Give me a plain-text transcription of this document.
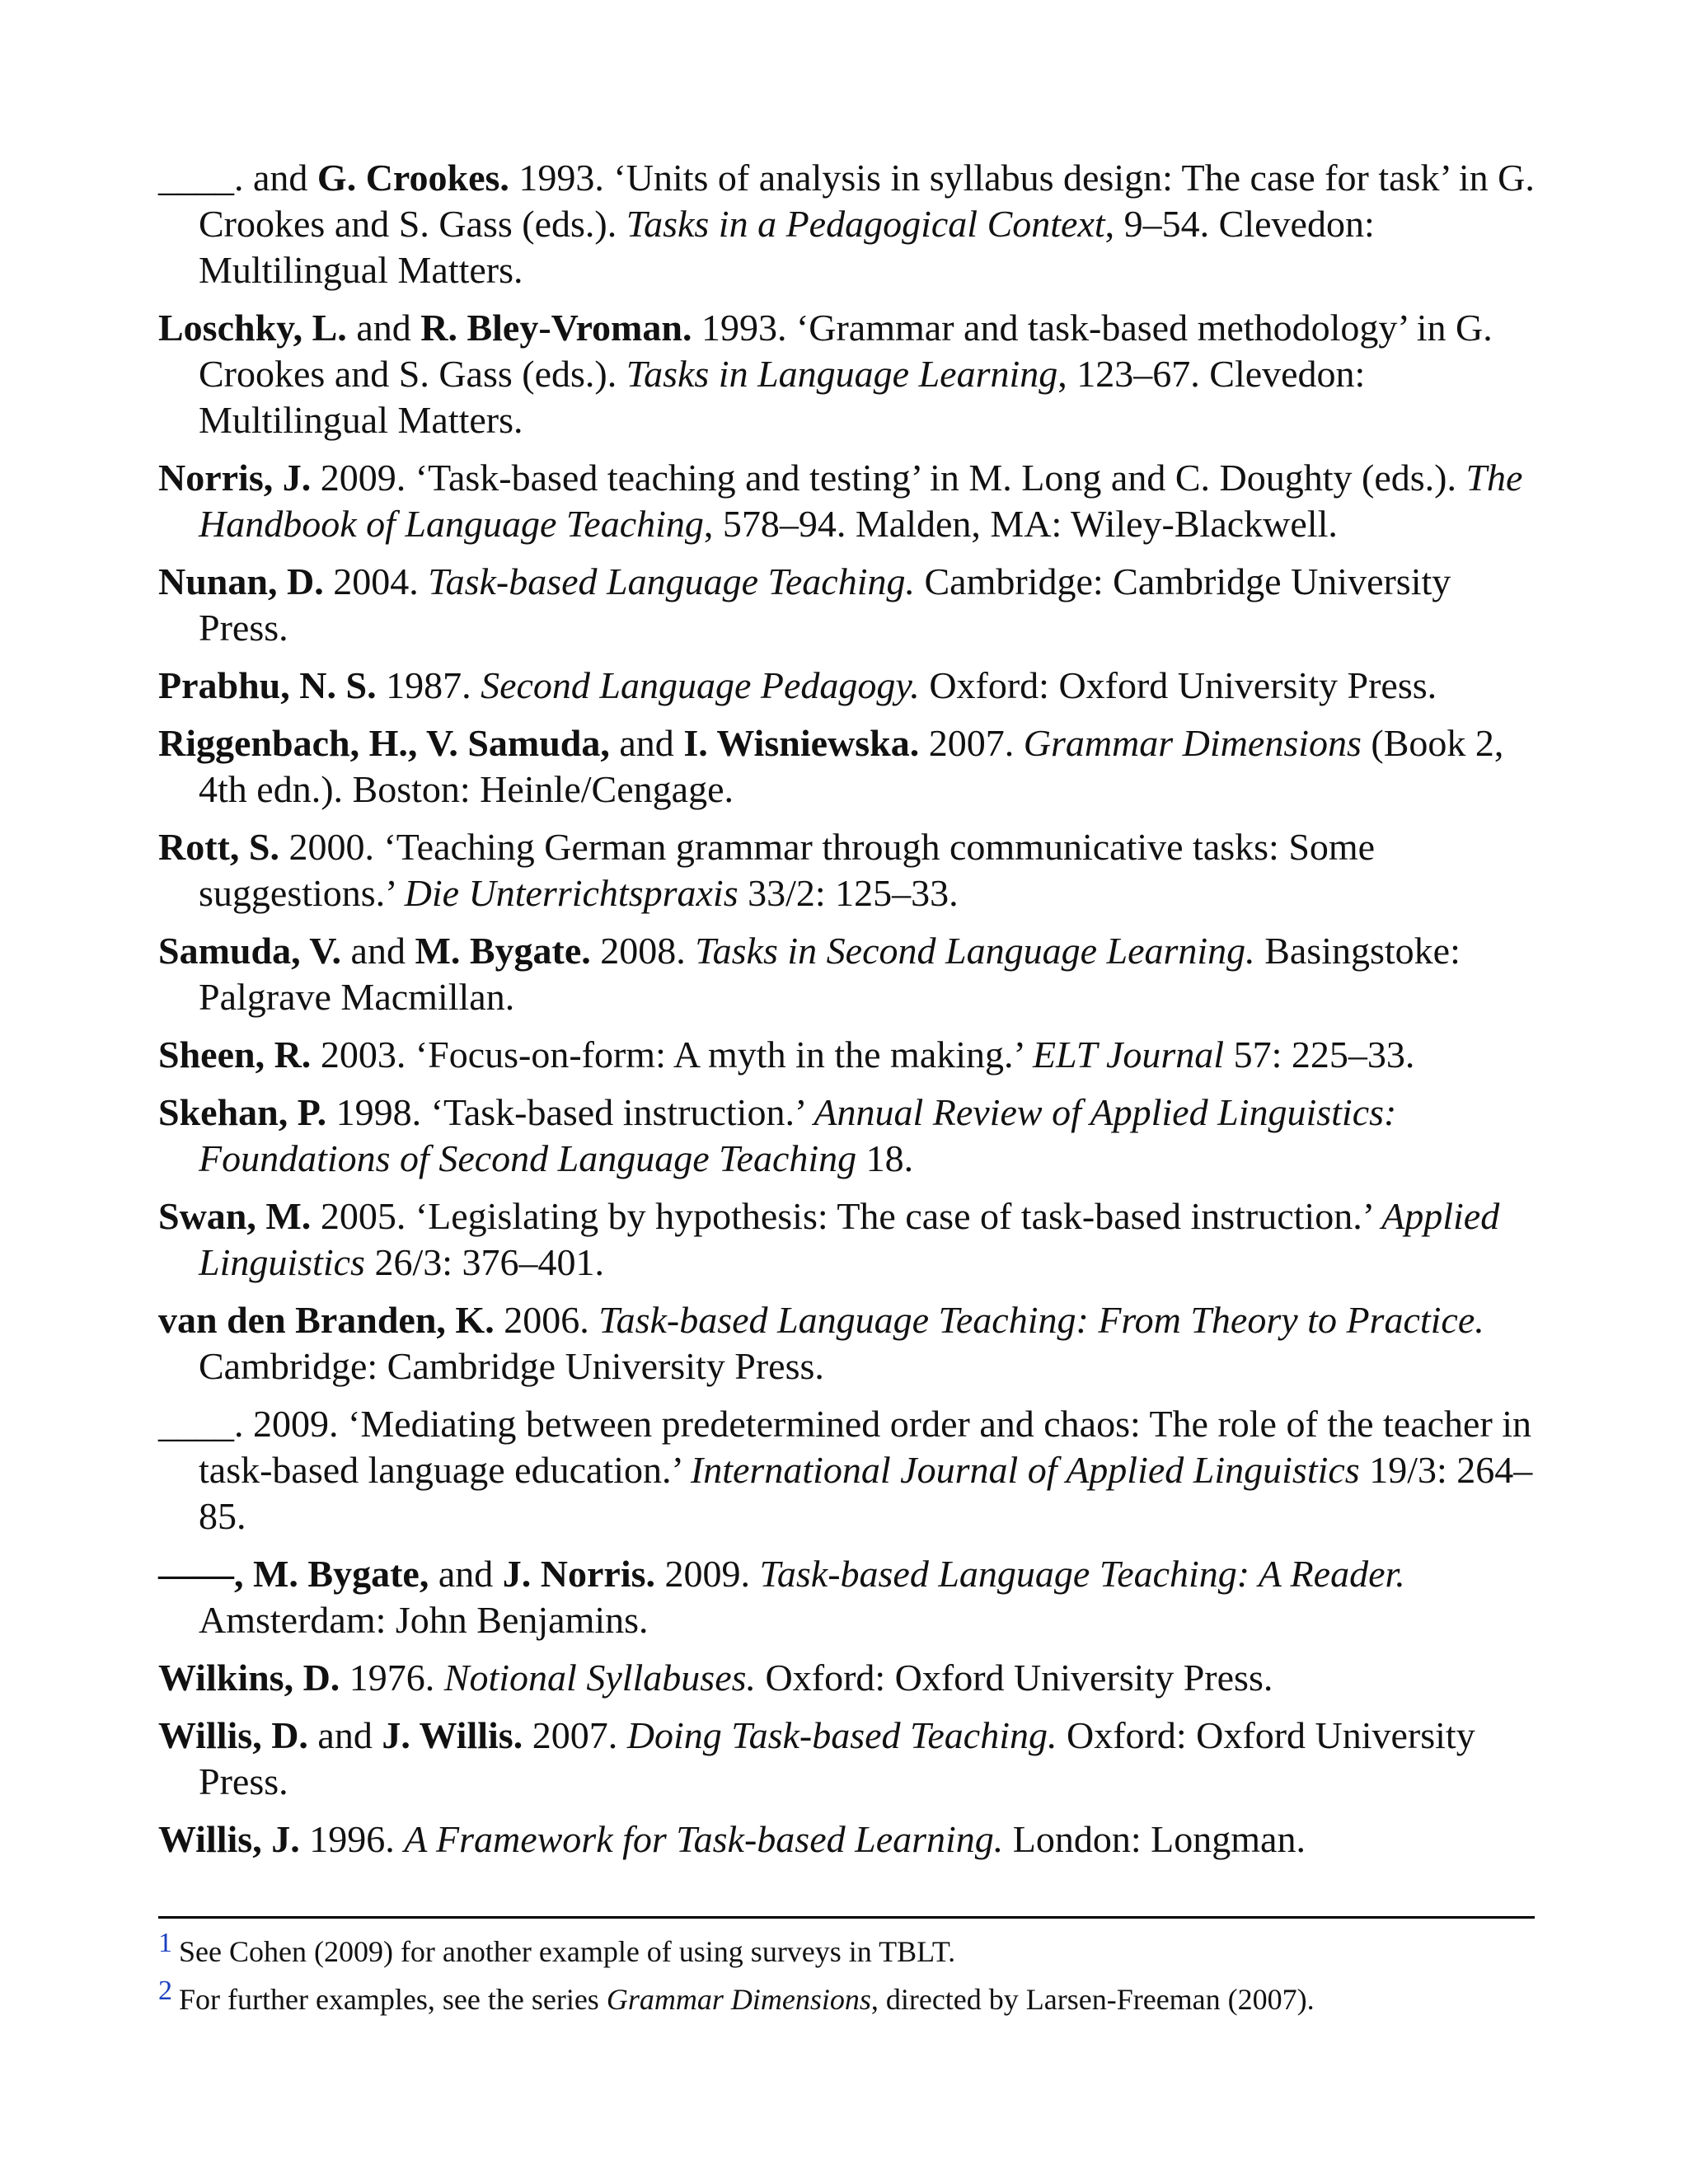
____. and G. Crookes. 1993. ‘Units of analysis in syllabus design: The case for task’ in G. Crookes and S. Gass (eds.). Tasks in a Pedagogical Context, 9–54. Clevedon: Multilingual Matters.

Loschky, L. and R. Bley-Vroman. 1993. ‘Grammar and task-based methodology’ in G. Crookes and S. Gass (eds.). Tasks in Language Learning, 123–67. Clevedon: Multilingual Matters.

Norris, J. 2009. ‘Task-based teaching and testing’ in M. Long and C. Doughty (eds.). The Handbook of Language Teaching, 578–94. Malden, MA: Wiley-Blackwell.

Nunan, D. 2004. Task-based Language Teaching. Cambridge: Cambridge University Press.

Prabhu, N. S. 1987. Second Language Pedagogy. Oxford: Oxford University Press.

Riggenbach, H., V. Samuda, and I. Wisniewska. 2007. Grammar Dimensions (Book 2, 4th edn.). Boston: Heinle/Cengage.

Rott, S. 2000. ‘Teaching German grammar through communicative tasks: Some suggestions.’ Die Unterrichtspraxis 33/2: 125–33.

Samuda, V. and M. Bygate. 2008. Tasks in Second Language Learning. Basingstoke: Palgrave Macmillan.

Sheen, R. 2003. ‘Focus-on-form: A myth in the making.’ ELT Journal 57: 225–33.

Skehan, P. 1998. ‘Task-based instruction.’ Annual Review of Applied Linguistics: Foundations of Second Language Teaching 18.

Swan, M. 2005. ‘Legislating by hypothesis: The case of task-based instruction.’ Applied Linguistics 26/3: 376–401.

van den Branden, K. 2006. Task-based Language Teaching: From Theory to Practice. Cambridge: Cambridge University Press.

____. 2009. ‘Mediating between predetermined order and chaos: The role of the teacher in task-based language education.’ International Journal of Applied Linguistics 19/3: 264–85.

——, M. Bygate, and J. Norris. 2009. Task-based Language Teaching: A Reader. Amsterdam: John Benjamins.

Wilkins, D. 1976. Notional Syllabuses. Oxford: Oxford University Press.

Willis, D. and J. Willis. 2007. Doing Task-based Teaching. Oxford: Oxford University Press.

Willis, J. 1996. A Framework for Task-based Learning. London: Longman.

$^1$ See Cohen (2009) for another example of using surveys in TBLT.

$^2$ For further examples, see the series Grammar Dimensions, directed by Larsen-Freeman (2007).
